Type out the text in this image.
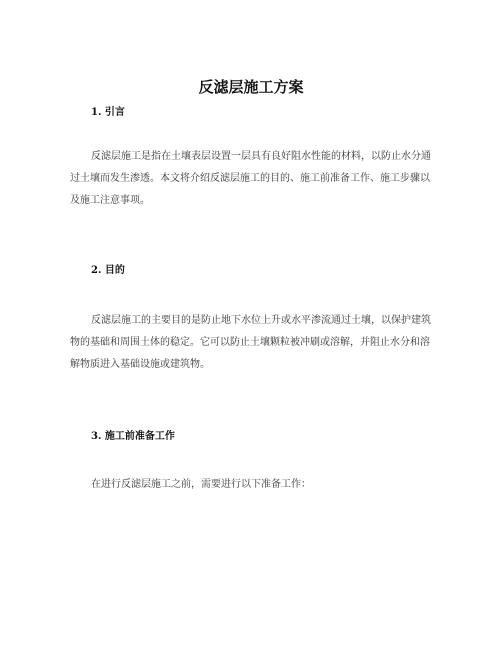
反滤层施工方案
1. 引言
反滤层施工是指在土壤表层设置一层具有良好阻水性能的材料，以防止水分通
过土壤而发生渗透。本文将介绍反滤层施工的目的、施工前准备工作、施工步骤以
及施工注意事项。
2. 目的
反滤层施工的主要目的是防止地下水位上升或水平渗流通过土壤，以保护建筑
物的基础和周围土体的稳定。它可以防止土壤颗粒被冲刷或溶解，并阻止水分和溶
解物质进入基础设施或建筑物。
3. 施工前准备工作
在进行反滤层施工之前，需要进行以下准备工作：
